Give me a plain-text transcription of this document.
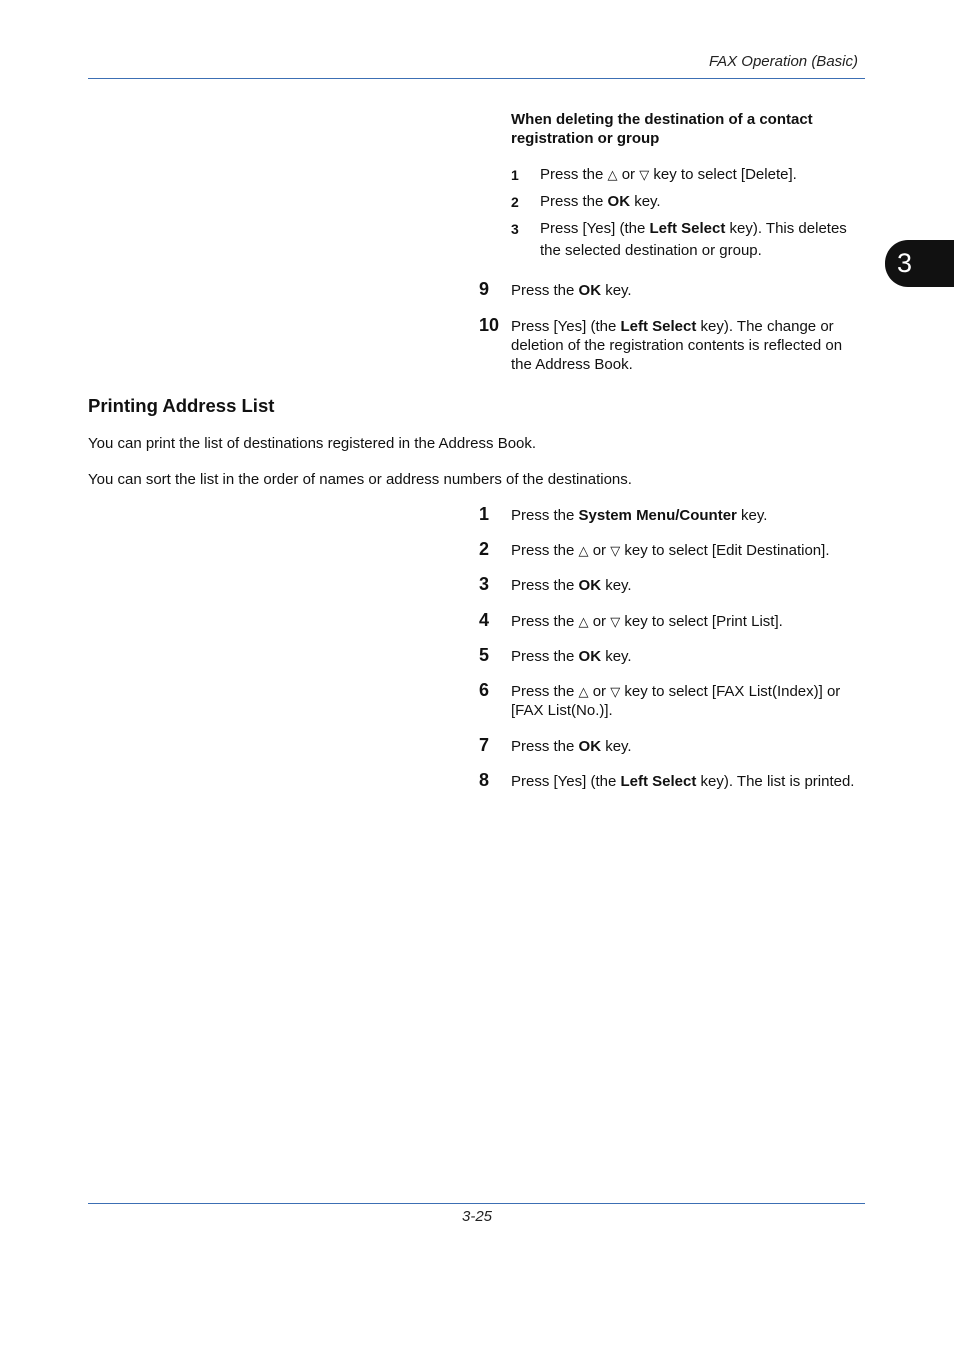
FAX Operation (Basic)
3
When deleting the destination of a contact registration or group
1 Press the △ or ▽ key to select [Delete].
2 Press the OK key.
3 Press [Yes] (the Left Select key). This deletes the selected destination or group.
9 Press the OK key.
10 Press [Yes] (the Left Select key). The change or deletion of the registration contents is reflected on the Address Book.
Printing Address List
You can print the list of destinations registered in the Address Book.
You can sort the list in the order of names or address numbers of the destinations.
1 Press the System Menu/Counter key.
2 Press the △ or ▽ key to select [Edit Destination].
3 Press the OK key.
4 Press the △ or ▽ key to select [Print List].
5 Press the OK key.
6 Press the △ or ▽ key to select [FAX List(Index)] or [FAX List(No.)].
7 Press the OK key.
8 Press [Yes] (the Left Select key). The list is printed.
3-25
